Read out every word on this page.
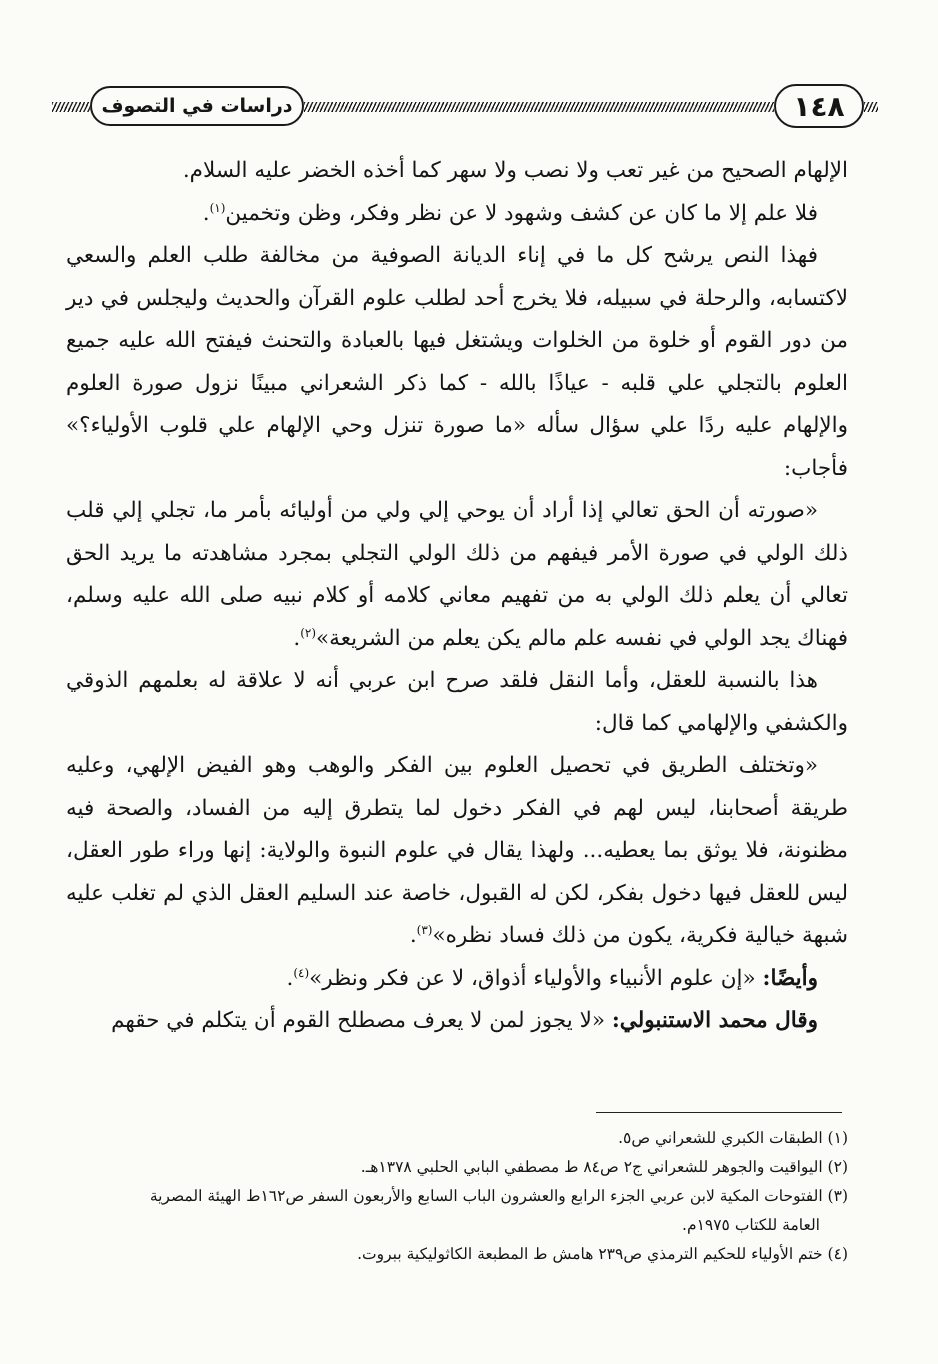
دراسات في التصوف	١٤٨

الإلهام الصحيح من غير تعب ولا نصب ولا سهر كما أخذه الخضر عليه السلام.

فلا علم إلا ما كان عن كشف وشهود لا عن نظر وفكر، وظن وتخمين$^{(١)}$.

فهذا النص يرشح كل ما في إناء الديانة الصوفية من مخالفة طلب العلم والسعي لاكتسابه، والرحلة في سبيله، فلا يخرج أحد لطلب علوم القرآن والحديث وليجلس في دير من دور القوم أو خلوة من الخلوات ويشتغل فيها بالعبادة والتحنث فيفتح الله عليه جميع العلوم بالتجلي علي قلبه - عياذًا بالله - كما ذكر الشعراني مبينًا نزول صورة العلوم والإلهام عليه ردًا علي سؤال سأله «ما صورة تنزل وحي الإلهام علي قلوب الأولياء؟» فأجاب:

«صورته أن الحق تعالي إذا أراد أن يوحي إلي ولي من أوليائه بأمر ما، تجلي إلي قلب ذلك الولي في صورة الأمر فيفهم من ذلك الولي التجلي بمجرد مشاهدته ما يريد الحق تعالي أن يعلم ذلك الولي به من تفهيم معاني كلامه أو كلام نبيه صلى الله عليه وسلم، فهناك يجد الولي في نفسه علم مالم يكن يعلم من الشريعة»$^{(٢)}$.

هذا بالنسبة للعقل، وأما النقل فلقد صرح ابن عربي أنه لا علاقة له بعلمهم الذوقي والكشفي والإلهامي كما قال:

«وتختلف الطريق في تحصيل العلوم بين الفكر والوهب وهو الفيض الإلهي، وعليه طريقة أصحابنا، ليس لهم في الفكر دخول لما يتطرق إليه من الفساد، والصحة فيه مظنونة، فلا يوثق بما يعطيه... ولهذا يقال في علوم النبوة والولاية: إنها وراء طور العقل، ليس للعقل فيها دخول بفكر، لكن له القبول، خاصة عند السليم العقل الذي لم تغلب عليه شبهة خيالية فكرية، يكون من ذلك فساد نظره»$^{(٣)}$.

وأيضًا: «إن علوم الأنبياء والأولياء أذواق، لا عن فكر ونظر»$^{(٤)}$.

وقال محمد الاستنبولي: «لا يجوز لمن لا يعرف مصطلح القوم أن يتكلم في حقهم

(١) الطبقات الكبري للشعراني ص٥.

(٢) اليواقيت والجوهر للشعراني ج٢ ص٨٤ ط مصطفي البابي الحلبي ١٣٧٨هـ.

(٣) الفتوحات المكية لابن عربي الجزء الرابع والعشرون الباب السابع والأربعون السفر ص١٦٢ط الهيئة المصرية

العامة للكتاب ١٩٧٥م.

(٤) ختم الأولياء للحكيم الترمذي ص٢٣٩ هامش ط المطبعة الكاثوليكية ببروت.
